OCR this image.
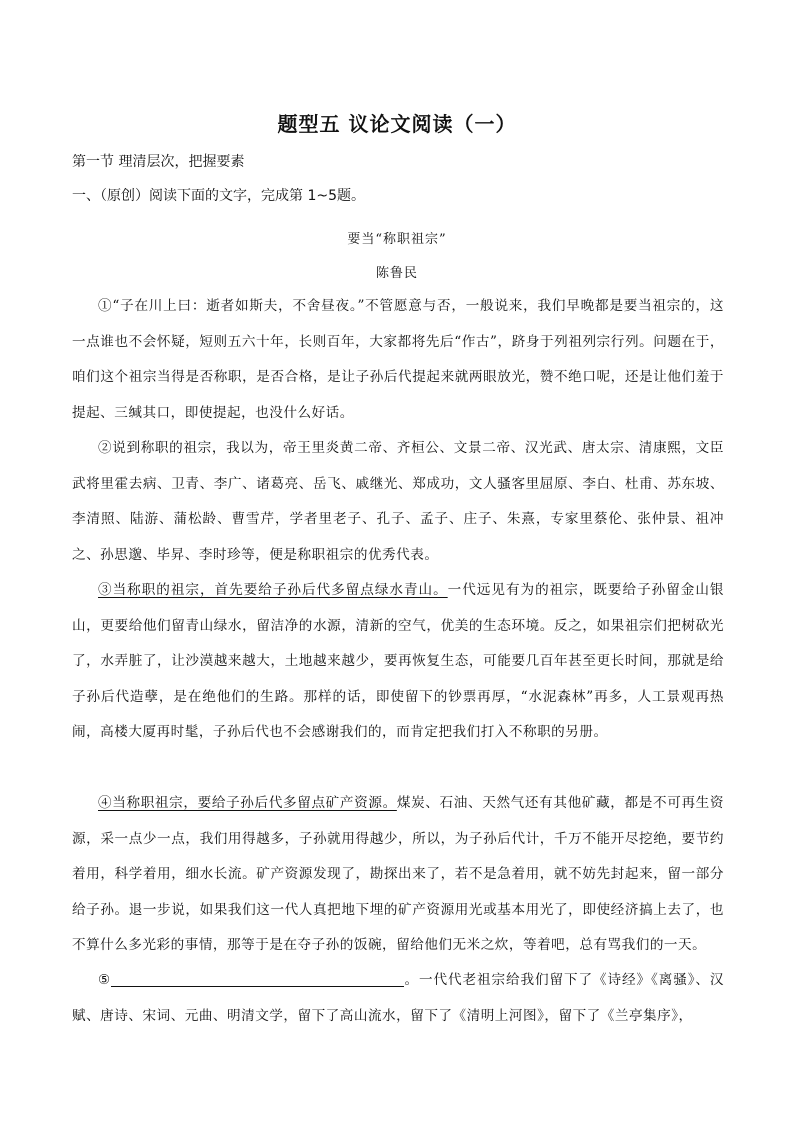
题型五 议论文阅读（一）
第一节 理清层次，把握要素
一、（原创）阅读下面的文字，完成第 1~5题。
要当“称职祖宗”
陈鲁民

①“子在川上曰：逝者如斯夫，不舍昼夜。”不管愿意与否，一般说来，我们早晚都是要当祖宗的，这一点谁也不会怀疑，短则五六十年，长则百年，大家都将先后“作古”，跻身于列祖列宗行列。问题在于，咱们这个祖宗当得是否称职，是否合格，是让子孙后代提起来就两眼放光，赞不绝口呢，还是让他们羞于提起、三缄其口，即使提起，也没什么好话。

②说到称职的祖宗，我以为，帝王里炎黄二帝、齐桓公、文景二帝、汉光武、唐太宗、清康熙，文臣武将里霍去病、卫青、李广、诸葛亮、岳飞、戚继光、郑成功，文人骚客里屈原、李白、杜甫、苏东坡、李清照、陆游、蒲松龄、曹雪芹，学者里老子、孔子、孟子、庄子、朱熹，专家里蔡伦、张仲景、祖冲之、孙思邈、毕昇、李时珍等，便是称职祖宗的优秀代表。

③当称职的祖宗，首先要给子孙后代多留点绿水青山。一代远见有为的祖宗，既要给子孙留金山银山，更要给他们留青山绿水，留洁净的水源，清新的空气，优美的生态环境。反之，如果祖宗们把树砍光了，水弄脏了，让沙漠越来越大，土地越来越少，要再恢复生态，可能要几百年甚至更长时间，那就是给子孙后代造孽，是在绝他们的生路。那样的话，即使留下的钞票再厚，“水泥森林”再多，人工景观再热闹，高楼大厦再时髦，子孙后代也不会感谢我们的，而肯定把我们打入不称职的另册。

④当称职祖宗，要给子孙后代多留点矿产资源。煤炭、石油、天然气还有其他矿藏，都是不可再生资源，采一点少一点，我们用得越多，子孙就用得越少，所以，为子孙后代计，千万不能开尽挖绝，要节约着用，科学着用，细水长流。矿产资源发现了，勘探出来了，若不是急着用，就不妨先封起来，留一部分给子孙。退一步说，如果我们这一代人真把地下埋的矿产资源用光或基本用光了，即使经济搞上去了，也不算什么多光彩的事情，那等于是在夺子孙的饭碗，留给他们无米之炊，等着吧，总有骂我们的一天。

⑤	。一代代老祖宗给我们留下了《诗经》《离骚》、汉赋、唐诗、宋词、元曲、明清文学，留下了高山流水，留下了《清明上河图》，留下了《兰亭集序》，
